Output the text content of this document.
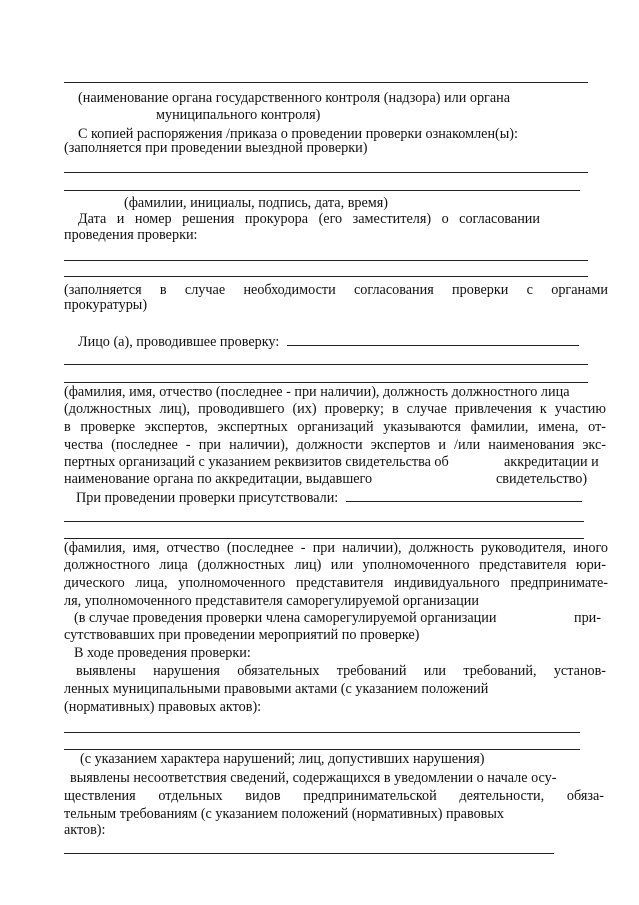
(наименование органа государственного контроля (надзора) или органа
муниципального контроля)
С копией распоряжения /приказа о проведении проверки ознакомлен(ы):
(заполняется при проведении выездной проверки)
(фамилии, инициалы, подпись, дата, время)
Дата и номер решения прокурора (его заместителя) о согласовании
проведения проверки:
(заполняется в случае необходимости согласования проверки с органами
прокуратуры)
Лицо (а), проводившее проверку:
(фамилия, имя, отчество (последнее - при наличии), должность должностного лица
(должностных лиц), проводившего (их) проверку; в случае привлечения к участию
в проверке экспертов, экспертных организаций указываются фамилии, имена, от-
чества (последнее - при наличии), должности экспертов и /или наименования экс-
пертных организаций с указанием реквизитов свидетельства об	аккредитации и
наименование органа по аккредитации, выдавшего	свидетельство)
При проведении проверки присутствовали:
(фамилия, имя, отчество (последнее - при наличии), должность руководителя, иного
должностного лица (должностных лиц) или уполномоченного представителя юри-
дического лица, уполномоченного представителя индивидуального предпринимате-
ля, уполномоченного представителя саморегулируемой организации
(в случае проведения проверки члена саморегулируемой организации	при-
сутствовавших при проведении мероприятий по проверке)
В ходе проведения проверки:
выявлены нарушения обязательных требований или требований, установ-
ленных муниципальными правовыми актами (с указанием положений
(нормативных) правовых актов):
(с указанием характера нарушений; лиц, допустивших нарушения)
выявлены несоответствия сведений, содержащихся в уведомлении о начале осу-
ществления отдельных видов предпринимательской деятельности, обяза-
тельным требованиям (с указанием положений (нормативных) правовых
актов):
